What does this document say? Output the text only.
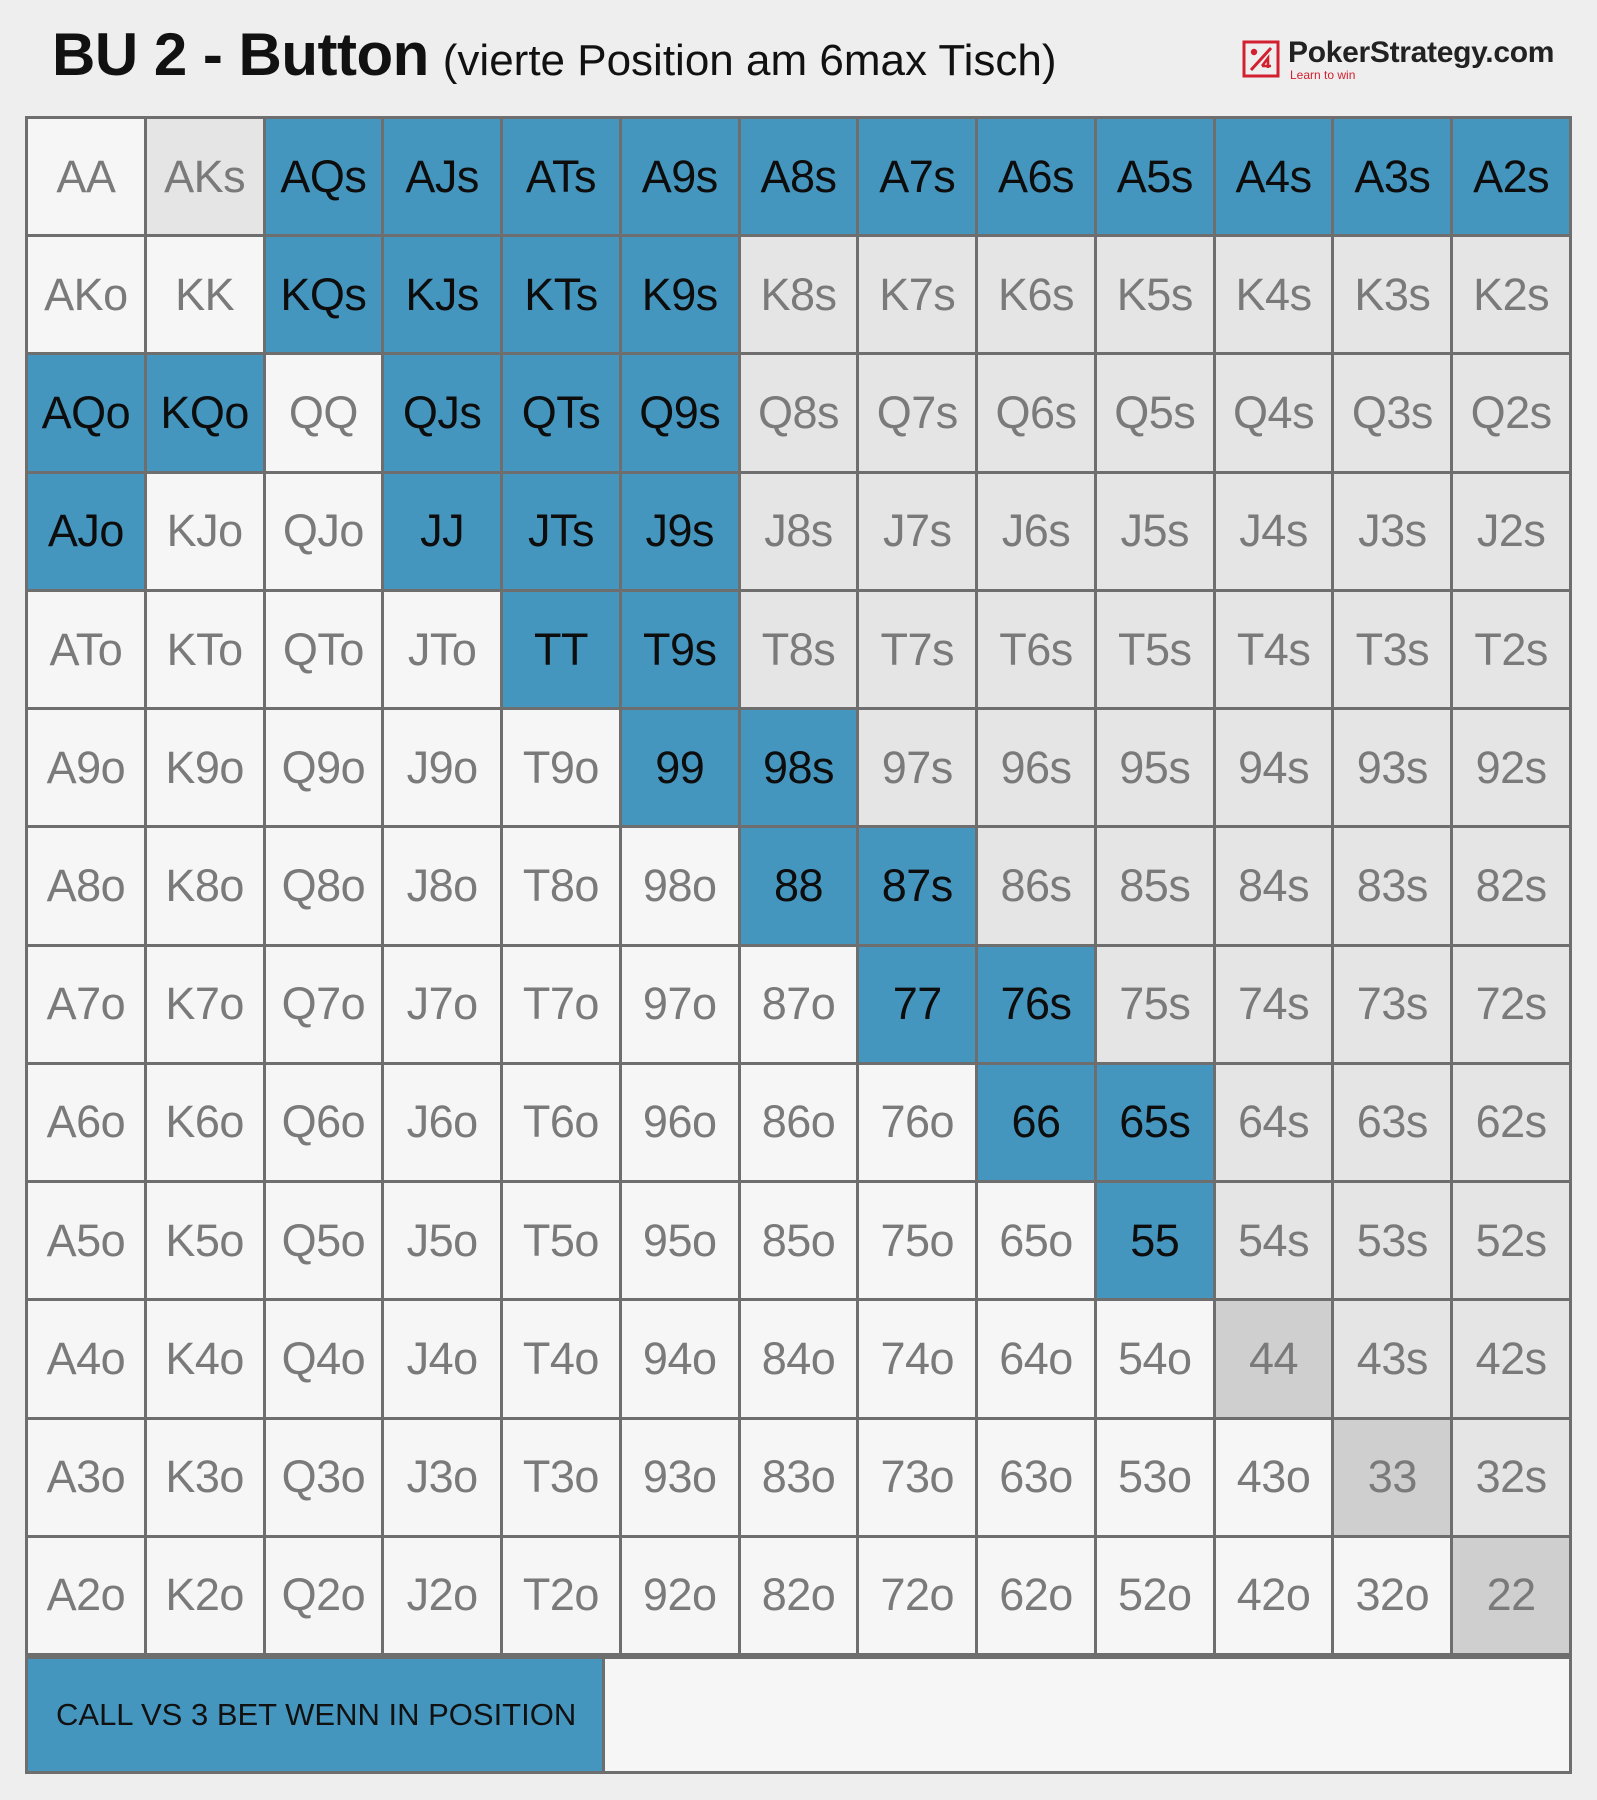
BU 2 - Button (vierte Position am 6max Tisch)	PokerStrategy.com
Learn to win
AA	AKs AQs AJs	ATs	A9s A8s A7s A6s A5s A4s A3s A2s
AKo	KK	KQs KJs	KTs K9s K8s K7s K6s K5s K4s K3s K2s
AQo KQo QQ	QJs QTs Q9s Q8s Q7s Q6s Q5s Q4s Q3s Q2s
AJo KJo QJo	JJ	JTs	J9s	J8s	J7s	J6s	J5s	J4s	J3s	J2s
ATo KTo QTo JTo	TT	T9s	T8s	T7s	T6s	T5s	T4s	T3s	T2s
A9o K9o Q9o J9o	T9o	99	98s	97s	96s	95s	94s	93s	92s
A8o K8o Q8o J8o	T8o 98o	88	87s	86s	85s	84s	83s	82s
A7o K7o Q7o J7o	T7o 97o	87o	77	76s	75s	74s	73s	72s
A6o K6o Q6o J6o	T6o 96o	86o	76o	66	65s	64s	63s	62s
A5o K5o Q5o J5o	T5o 95o	85o	75o	65o	55	54s	53s	52s
A4o K4o Q4o J4o	T4o 94o	84o	74o	64o	54o	44	43s	42s
A3o K3o Q3o J3o	T3o 93o	83o	73o	63o	53o	43o	33	32s
A2o K2o Q2o J2o	T2o 92o	82o	72o	62o	52o	42o	32o	22
CALL VS 3 BET WENN IN POSITION
